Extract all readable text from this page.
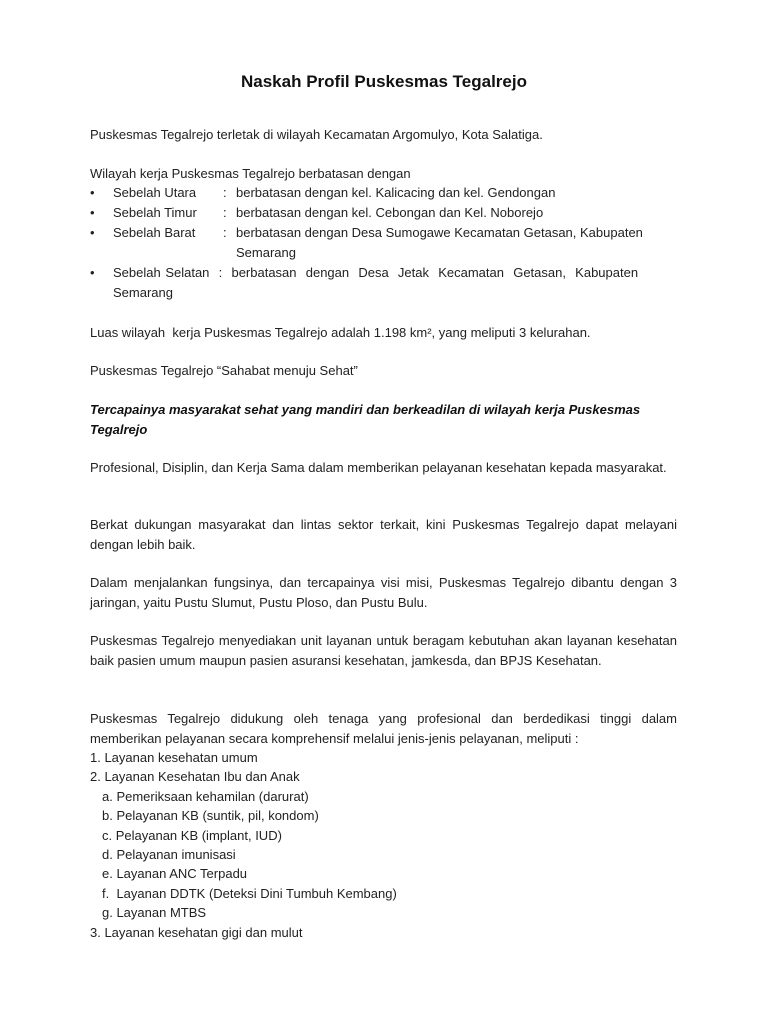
Naskah Profil Puskesmas Tegalrejo

Puskesmas Tegalrejo terletak di wilayah Kecamatan Argomulyo, Kota Salatiga.

Wilayah kerja Puskesmas Tegalrejo berbatasan dengan

• Sebelah Utara	: berbatasan dengan kel. Kalicacing dan kel. Gendongan
• Sebelah Timur	: berbatasan dengan kel. Cebongan dan Kel. Noborejo
• Sebelah Barat	: berbatasan dengan Desa Sumogawe Kecamatan Getasan, Kabupaten
Semarang
• Sebelah Selatan  :  berbatasan  dengan  Desa  Jetak  Kecamatan  Getasan,  Kabupaten
Semarang

Luas wilayah  kerja Puskesmas Tegalrejo adalah 1.198 km², yang meliputi 3 kelurahan.

Puskesmas Tegalrejo “Sahabat menuju Sehat”

Tercapainya masyarakat sehat yang mandiri dan berkeadilan di wilayah kerja Puskesmas Tegalrejo

Profesional, Disiplin, dan Kerja Sama dalam memberikan pelayanan kesehatan kepada masyarakat.

Berkat dukungan masyarakat dan lintas sektor terkait, kini Puskesmas Tegalrejo dapat melayani dengan lebih baik.

Dalam menjalankan fungsinya, dan tercapainya visi misi, Puskesmas Tegalrejo dibantu dengan 3 jaringan, yaitu Pustu Slumut, Pustu Ploso, dan Pustu Bulu.

Puskesmas Tegalrejo menyediakan unit layanan untuk beragam kebutuhan akan layanan kesehatan baik pasien umum maupun pasien asuransi kesehatan, jamkesda, dan BPJS Kesehatan.

Puskesmas Tegalrejo didukung oleh tenaga yang profesional dan berdedikasi tinggi dalam memberikan pelayanan secara komprehensif melalui jenis-jenis pelayanan, meliputi :

1. Layanan kesehatan umum
2. Layanan Kesehatan Ibu dan Anak
a. Pemeriksaan kehamilan (darurat)
b. Pelayanan KB (suntik, pil, kondom)
c. Pelayanan KB (implant, IUD)
d. Pelayanan imunisasi
e. Layanan ANC Terpadu
f.  Layanan DDTK (Deteksi Dini Tumbuh Kembang)
g. Layanan MTBS
3. Layanan kesehatan gigi dan mulut
